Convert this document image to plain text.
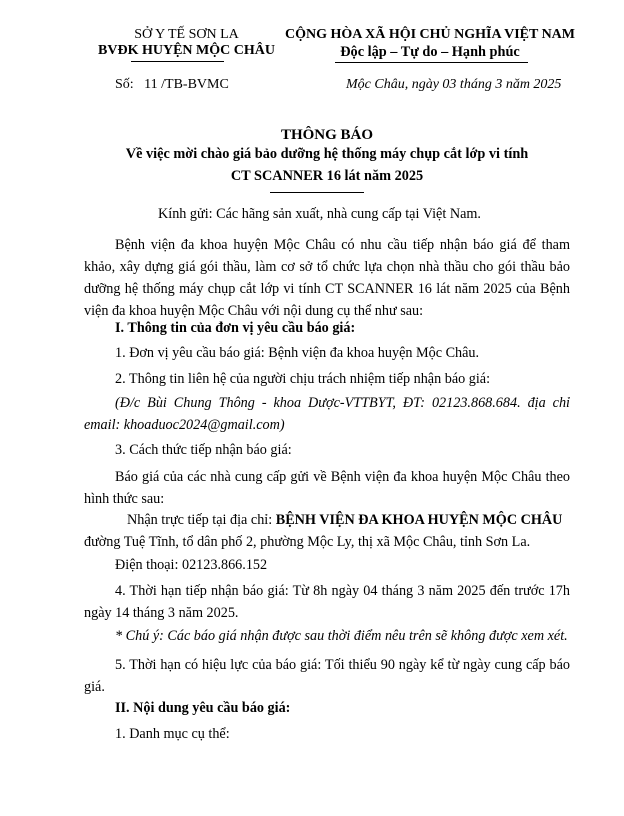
SỞ Y TẾ SƠN LA
BVĐK HUYỆN MỘC CHÂU
CỘNG HÒA XÃ HỘI CHỦ NGHĨA VIỆT NAM
Độc lập – Tự do – Hạnh phúc
Số:   11 /TB-BVMC	Mộc Châu, ngày 03 tháng 3 năm 2025
THÔNG BÁO
Về việc mời chào giá bảo dưỡng hệ thống máy chụp cắt lớp vi tính
CT SCANNER 16 lát năm 2025
Kính gửi: Các hãng sản xuất, nhà cung cấp tại Việt Nam.
Bệnh viện đa khoa huyện Mộc Châu có nhu cầu tiếp nhận báo giá để tham khảo, xây dựng giá gói thầu, làm cơ sở tổ chức lựa chọn nhà thầu cho gói thầu bảo dưỡng hệ thống máy chụp cắt lớp vi tính CT SCANNER 16 lát năm 2025 của Bệnh viện đa khoa huyện Mộc Châu với nội dung cụ thể như sau:
I. Thông tin của đơn vị yêu cầu báo giá:
1. Đơn vị yêu cầu báo giá: Bệnh viện đa khoa huyện Mộc Châu.
2. Thông tin liên hệ của người chịu trách nhiệm tiếp nhận báo giá:
(Đ/c Bùi Chung Thông - khoa Dược-VTTBYT, ĐT: 02123.868.684. địa chỉ email: khoaduoc2024@gmail.com)
3. Cách thức tiếp nhận báo giá:
Báo giá của các nhà cung cấp gửi về Bệnh viện đa khoa huyện Mộc Châu theo hình thức sau:
Nhận trực tiếp tại địa chỉ: BỆNH VIỆN ĐA KHOA HUYỆN MỘC CHÂU
đường Tuệ Tĩnh, tổ dân phố 2, phường Mộc Ly, thị xã Mộc Châu, tỉnh Sơn La.
Điện thoại: 02123.866.152
4. Thời hạn tiếp nhận báo giá: Từ 8h ngày 04 tháng 3 năm 2025 đến trước 17h ngày 14 tháng 3 năm 2025.
* Chú ý: Các báo giá nhận được sau thời điểm nêu trên sẽ không được xem xét.
5. Thời hạn có hiệu lực của báo giá: Tối thiểu 90 ngày kể từ ngày cung cấp báo giá.
II. Nội dung yêu cầu báo giá:
1. Danh mục cụ thể:
